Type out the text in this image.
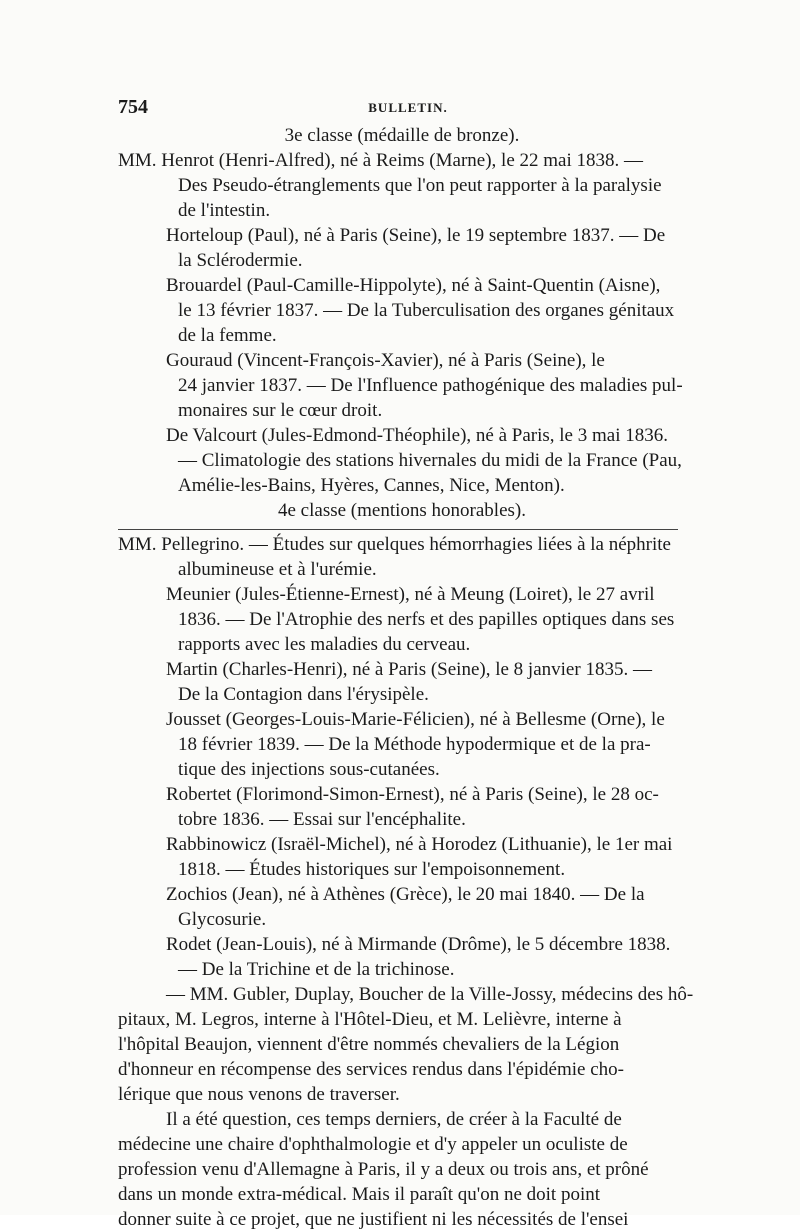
754	BULLETIN.
3e classe (médaille de bronze).
MM. Henrot (Henri-Alfred), né à Reims (Marne), le 22 mai 1838. —
Des Pseudo-étranglements que l'on peut rapporter à la paralysie
de l'intestin.
Horteloup (Paul), né à Paris (Seine), le 19 septembre 1837. — De
la Sclérodermie.
Brouardel (Paul-Camille-Hippolyte), né à Saint-Quentin (Aisne),
le 13 février 1837. — De la Tuberculisation des organes génitaux
de la femme.
Gouraud (Vincent-François-Xavier), né à Paris (Seine), le
24 janvier 1837. — De l'Influence pathogénique des maladies pul-
monaires sur le cœur droit.
De Valcourt (Jules-Edmond-Théophile), né à Paris, le 3 mai 1836.
— Climatologie des stations hivernales du midi de la France (Pau,
Amélie-les-Bains, Hyères, Cannes, Nice, Menton).
4e classe (mentions honorables).
MM. Pellegrino. — Études sur quelques hémorrhagies liées à la néphrite
albumineuse et à l'urémie.
Meunier (Jules-Étienne-Ernest), né à Meung (Loiret), le 27 avril
1836. — De l'Atrophie des nerfs et des papilles optiques dans ses
rapports avec les maladies du cerveau.
Martin (Charles-Henri), né à Paris (Seine), le 8 janvier 1835. —
De la Contagion dans l'érysipèle.
Jousset (Georges-Louis-Marie-Félicien), né à Bellesme (Orne), le
18 février 1839. — De la Méthode hypodermique et de la pra-
tique des injections sous-cutanées.
Robertet (Florimond-Simon-Ernest), né à Paris (Seine), le 28 oc-
tobre 1836. — Essai sur l'encéphalite.
Rabbinowicz (Israël-Michel), né à Horodez (Lithuanie), le 1er mai
1818. — Études historiques sur l'empoisonnement.
Zochios (Jean), né à Athènes (Grèce), le 20 mai 1840. — De la
Glycosurie.
Rodet (Jean-Louis), né à Mirmande (Drôme), le 5 décembre 1838.
— De la Trichine et de la trichinose.
— MM. Gubler, Duplay, Boucher de la Ville-Jossy, médecins des hô-
pitaux, M. Legros, interne à l'Hôtel-Dieu, et M. Lelièvre, interne à
l'hôpital Beaujon, viennent d'être nommés chevaliers de la Légion
d'honneur en récompense des services rendus dans l'épidémie cho-
lérique que nous venons de traverser.
Il a été question, ces temps derniers, de créer à la Faculté de
médecine une chaire d'ophthalmologie et d'y appeler un oculiste de
profession venu d'Allemagne à Paris, il y a deux ou trois ans, et prôné
dans un monde extra-médical. Mais il paraît qu'on ne doit point
donner suite à ce projet, que ne justifient ni les nécessités de l'ensei
